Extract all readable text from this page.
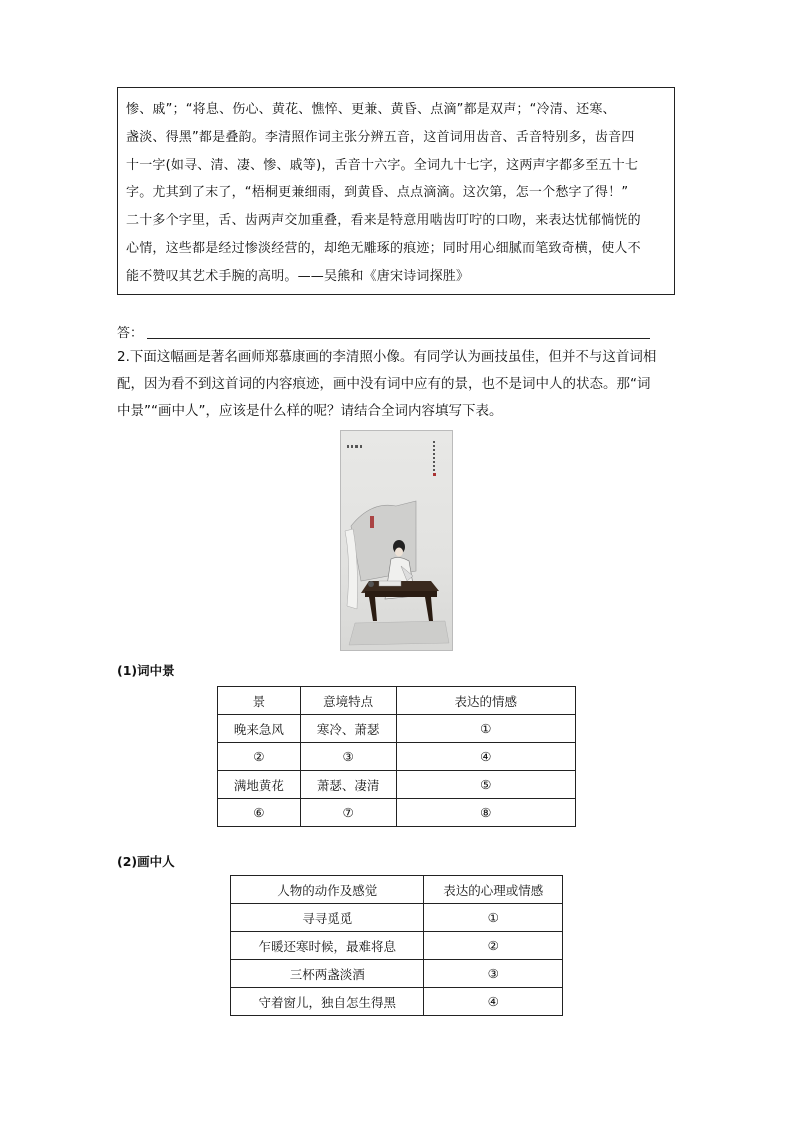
惨、戚”；“将息、伤心、黄花、憔悴、更兼、黄昏、点滴”都是双声；“冷清、还寒、
盏淡、得黑”都是叠韵。李清照作词主张分辨五音，这首词用齿音、舌音特别多，齿音四
十一字(如寻、清、凄、惨、戚等)，舌音十六字。全词九十七字，这两声字都多至五十七
字。尤其到了末了，“梧桐更兼细雨，到黄昏、点点滴滴。这次第，怎一个愁字了得！”
二十多个字里，舌、齿两声交加重叠，看来是特意用啮齿叮咛的口吻，来表达忧郁惝恍的
心情，这些都是经过惨淡经营的，却绝无雕琢的痕迹；同时用心细腻而笔致奇横，使人不
能不赞叹其艺术手腕的高明。——吴熊和《唐宋诗词探胜》
答：
2.下面这幅画是著名画师郑慕康画的李清照小像。有同学认为画技虽佳，但并不与这首词相
配，因为看不到这首词的内容痕迹，画中没有词中应有的景，也不是词中人的状态。那“词
中景”“画中人”，应该是什么样的呢？请结合全词内容填写下表。
(1)词中景
景	意境特点	表达的情感
晚来急风	寒冷、萧瑟	①
②	③	④
满地黄花	萧瑟、凄清	⑤
⑥	⑦	⑧
(2)画中人
人物的动作及感觉	表达的心理或情感
寻寻觅觅	①
乍暖还寒时候，最难将息	②
三杯两盏淡酒	③
守着窗儿，独自怎生得黑	④
